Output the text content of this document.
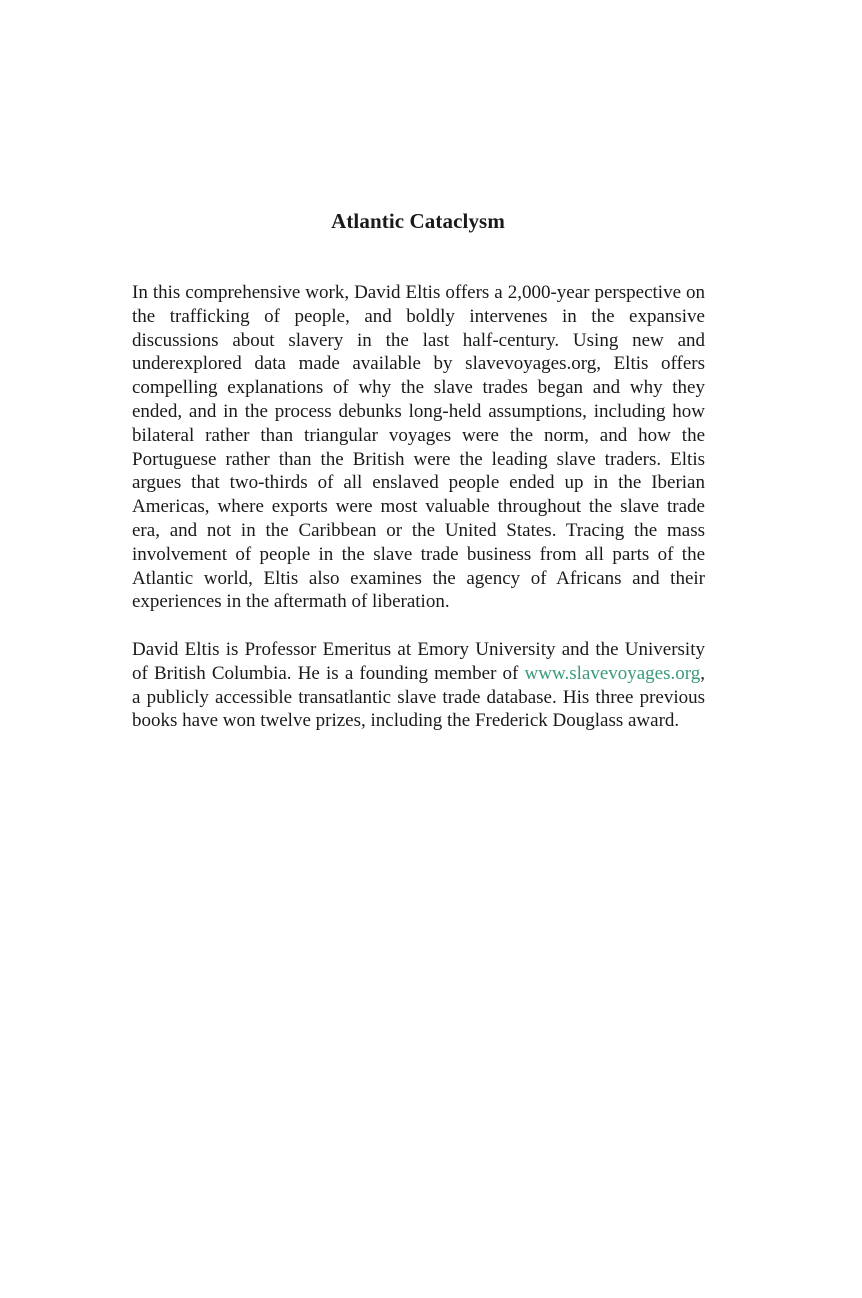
Atlantic Cataclysm

In this comprehensive work, David Eltis offers a 2,000-year perspective on the trafficking of people, and boldly intervenes in the expansive discussions about slavery in the last half-century. Using new and underexplored data made available by slavevoyages.org, Eltis offers compelling explanations of why the slave trades began and why they ended, and in the process debunks long-held assumptions, including how bilateral rather than triangular voyages were the norm, and how the Portuguese rather than the British were the leading slave traders. Eltis argues that two-thirds of all enslaved people ended up in the Iberian Americas, where exports were most valuable throughout the slave trade era, and not in the Caribbean or the United States. Tracing the mass involvement of people in the slave trade business from all parts of the Atlantic world, Eltis also examines the agency of Africans and their experiences in the aftermath of liberation.

David Eltis is Professor Emeritus at Emory University and the University of British Columbia. He is a founding member of www.slavevoyages.org, a publicly accessible transatlantic slave trade database. His three previous books have won twelve prizes, including the Frederick Douglass award.
